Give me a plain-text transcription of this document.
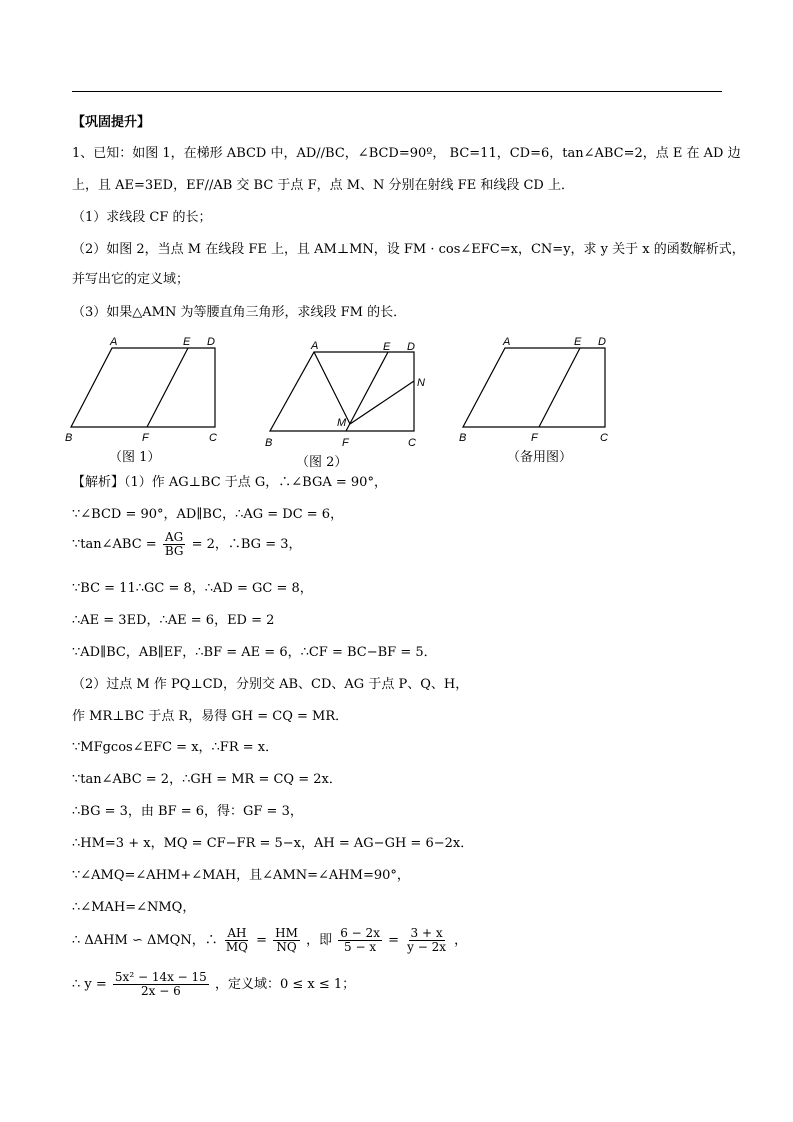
【巩固提升】
1、已知：如图 1，在梯形 ABCD 中，AD//BC，∠BCD=90º， BC=11，CD=6，tan∠ABC=2，点 E 在 AD 边
上，且 AE=3ED，EF//AB 交 BC 于点 F，点 M、N 分别在射线 FE 和线段 CD 上．
（1）求线段 CF 的长；
（2）如图 2，当点 M 在线段 FE 上，且 AM⊥MN，设 FM · cos∠EFC=x，CN=y，求 y 关于 x 的函数解析式，
并写出它的定义域；
（3）如果△AMN 为等腰直角三角形，求线段 FM 的长．
A	E D
B	F	C
（图 1）
A	E D
N
M
B	F	C
（图 2）
A	E D
B	F	C
（备用图）
【解析】（1）作 AG⊥BC 于点 G，∴∠BGA = 90°，
∵∠BCD = 90°，AD∥BC，∴AG = DC = 6，
∵tan∠ABC = $\frac{AG}{BG} = 2$，∴BG = 3，
∵BC = 11∴GC = 8，∴AD = GC = 8，
∴AE = 3ED，∴AE = 6，ED = 2
∵AD∥BC，AB∥EF，∴BF = AE = 6，∴CF = BC−BF = 5．
（2）过点 M 作 PQ⊥CD，分别交 AB、CD、AG 于点 P、Q、H，
作 MR⊥BC 于点 R，易得 GH = CQ = MR．
∵MFgcos∠EFC = x，∴FR = x．
∵tan∠ABC = 2，∴GH = MR = CQ = 2x．
∴BG = 3，由 BF = 6，得：GF = 3，
∴HM=3 + x，MQ = CF−FR = 5−x，AH = AG−GH = 6−2x．
∵∠AMQ=∠AHM+∠MAH，且∠AMN=∠AHM=90°，
∴∠MAH=∠NMQ，
∴ ΔAHM ∽ ΔMQN，∴ $\frac{AH}{MQ} = \frac{HM}{NQ}$ ，即 $\frac{6 - 2x}{5 - x} = \frac{3 + x}{y - 2x}$ ，
∴ $y = \frac{\text{5x² − 14x − 15}}{2x - 6}$ ，定义域：0 ≤ x ≤ 1；
